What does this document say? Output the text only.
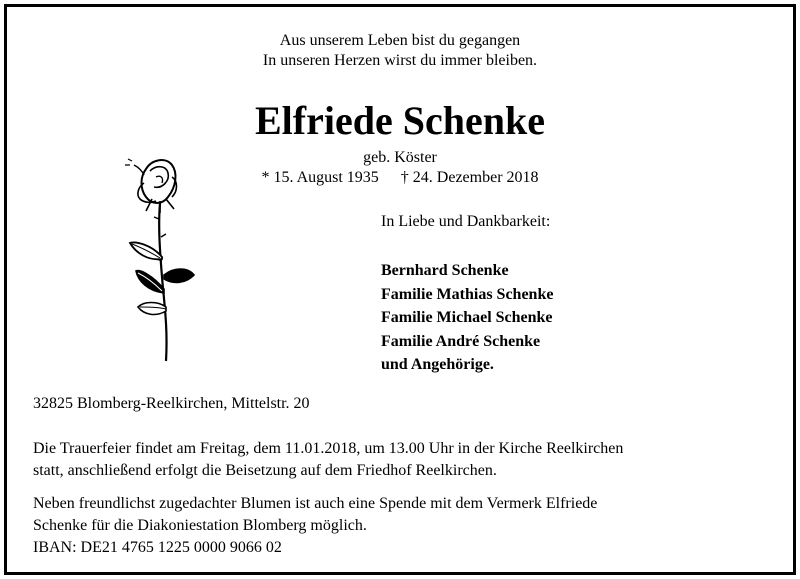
Aus unserem Leben bist du gegangen
In unseren Herzen wirst du immer bleiben.
Elfriede Schenke
geb. Köster
* 15. August 1935 † 24. Dezember 2018
In Liebe und Dankbarkeit:
Bernhard Schenke
Familie Mathias Schenke
Familie Michael Schenke
Familie André Schenke
und Angehörige.
32825 Blomberg-Reelkirchen, Mittelstr. 20
Die Trauerfeier findet am Freitag, dem 11.01.2018, um 13.00 Uhr in der Kirche Reelkirchen
statt, anschließend erfolgt die Beisetzung auf dem Friedhof Reelkirchen.
Neben freundlichst zugedachter Blumen ist auch eine Spende mit dem Vermerk Elfriede
Schenke für die Diakoniestation Blomberg möglich.
IBAN: DE21 4765 1225 0000 9066 02
